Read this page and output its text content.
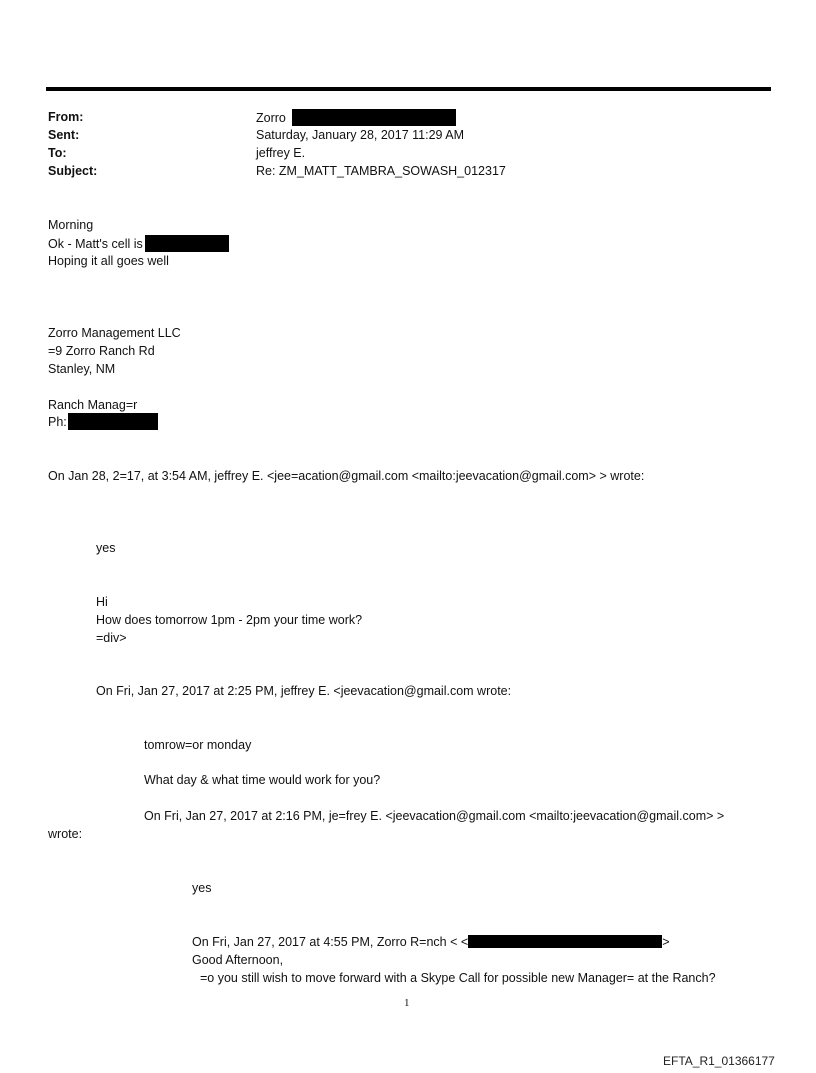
From:	Zorro
Sent:	Saturday, January 28, 2017 11:29 AM
To:	jeffrey E.
Subject:	Re: ZM_MATT_TAMBRA_SOWASH_012317
Morning
Ok - Matt's cell is
Hoping it all goes well
Zorro Management LLC
=9 Zorro Ranch Rd
Stanley, NM
Ranch Manag=r
Ph:
On Jan 28, 2=17, at 3:54 AM, jeffrey E. <jee=acation@gmail.com <mailto:jeevacation@gmail.com> > wrote:
yes
Hi
How does tomorrow 1pm - 2pm your time work?
=div>
On Fri, Jan 27, 2017 at 2:25 PM, jeffrey E. <jeevacation@gmail.com wrote:
tomrow=or monday
What day & what time would work for you?
On Fri, Jan 27, 2017 at 2:16 PM, je=frey E. <jeevacation@gmail.com <mailto:jeevacation@gmail.com> >
wrote:
yes
On Fri, Jan 27, 2017 at 4:55 PM, Zorro R=nch < <	>
Good Afternoon,
=o you still wish to move forward with a Skype Call for possible new Manager= at the Ranch?
1
EFTA_R1_01366177
